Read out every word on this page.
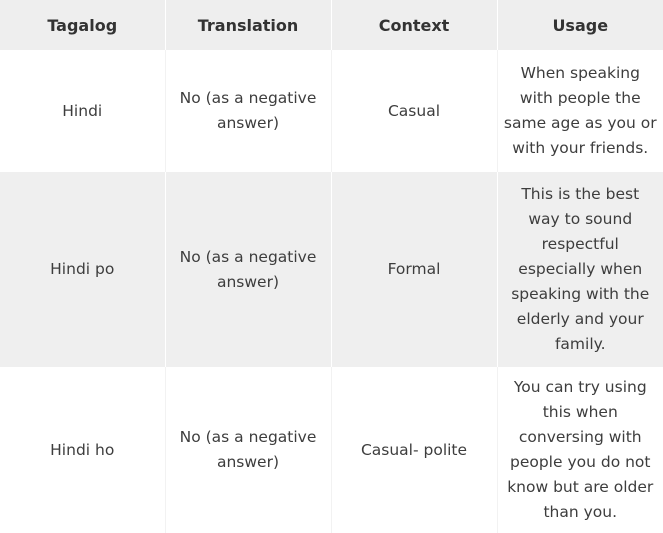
Tagalog	Translation	Context	Usage
Hindi	No (as a negative answer)	Casual	When speaking with people the same age as you or with your friends.
Hindi po	No (as a negative answer)	Formal	This is the best way to sound respectful especially when speaking with the elderly and your family.
Hindi ho	No (as a negative answer)	Casual- polite	You can try using this when conversing with people you do not know but are older than you.
